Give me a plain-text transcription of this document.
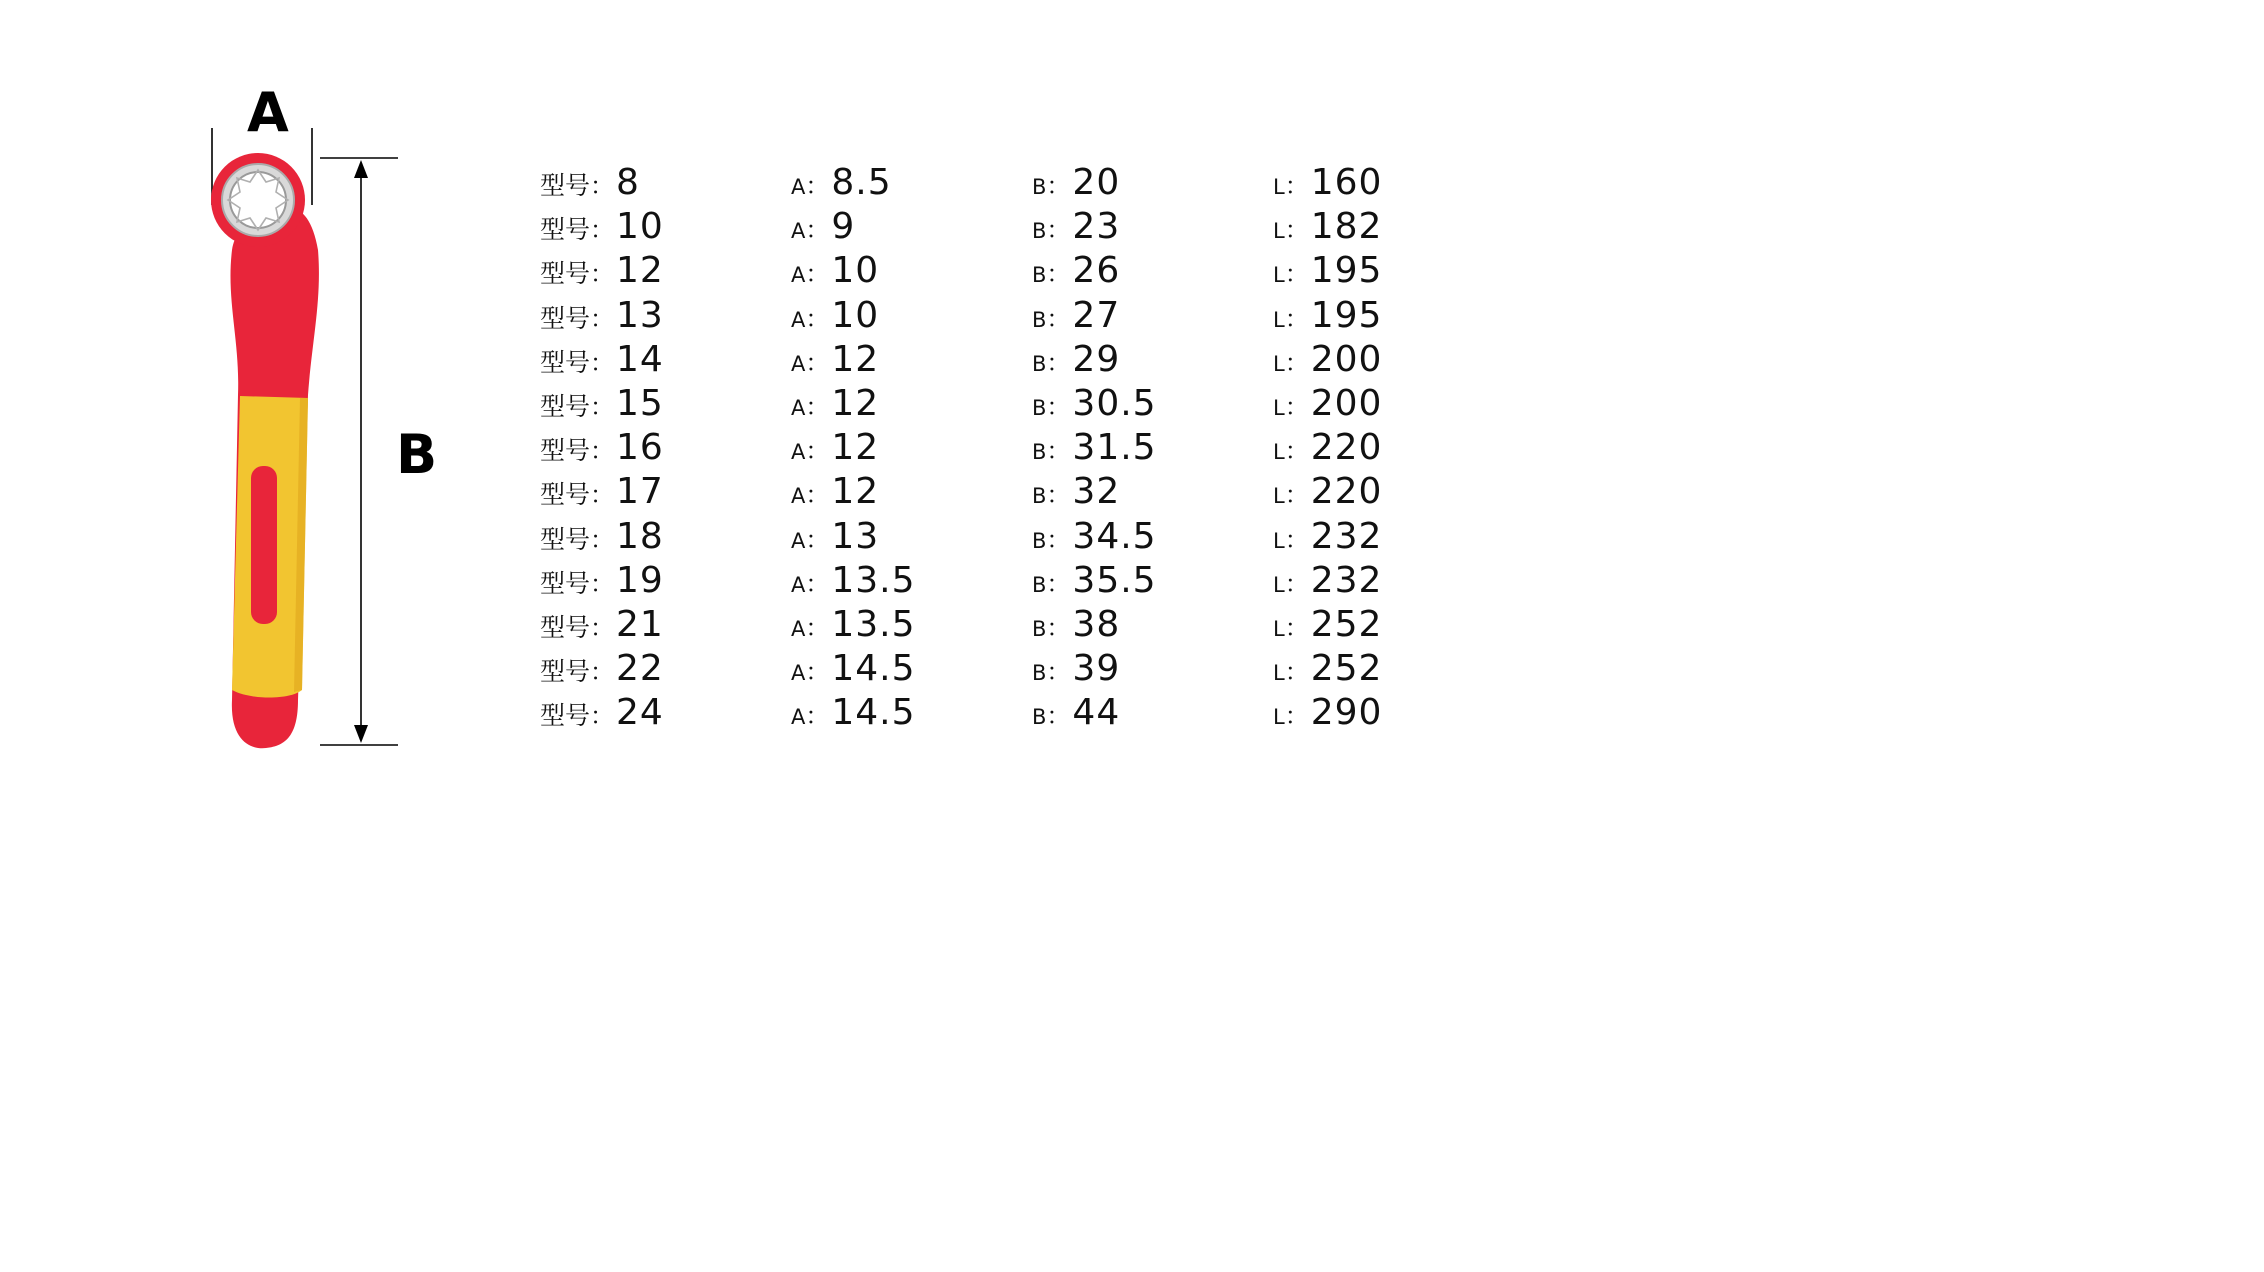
A
B
型号 ： 8	A ： 8.5	B ： 20	L ： 160
型号 ： 10	A ： 9	B ： 23	L ： 182
型号 ： 12	A ： 10	B ： 26	L ： 195
型号 ： 13	A ： 10	B ： 27	L ： 195
型号 ： 14	A ： 12	B ： 29	L ： 200
型号 ： 15	A ： 12	B ： 30.5	L ： 200
型号 ： 16	A ： 12	B ： 31.5	L ： 220
型号 ： 17	A ： 12	B ： 32	L ： 220
型号 ： 18	A ： 13	B ： 34.5	L ： 232
型号 ： 19	A ： 13.5	B ： 35.5	L ： 232
型号 ： 21	A ： 13.5	B ： 38	L ： 252
型号 ： 22	A ： 14.5	B ： 39	L ： 252
型号 ： 24	A ： 14.5	B ： 44	L ： 290
